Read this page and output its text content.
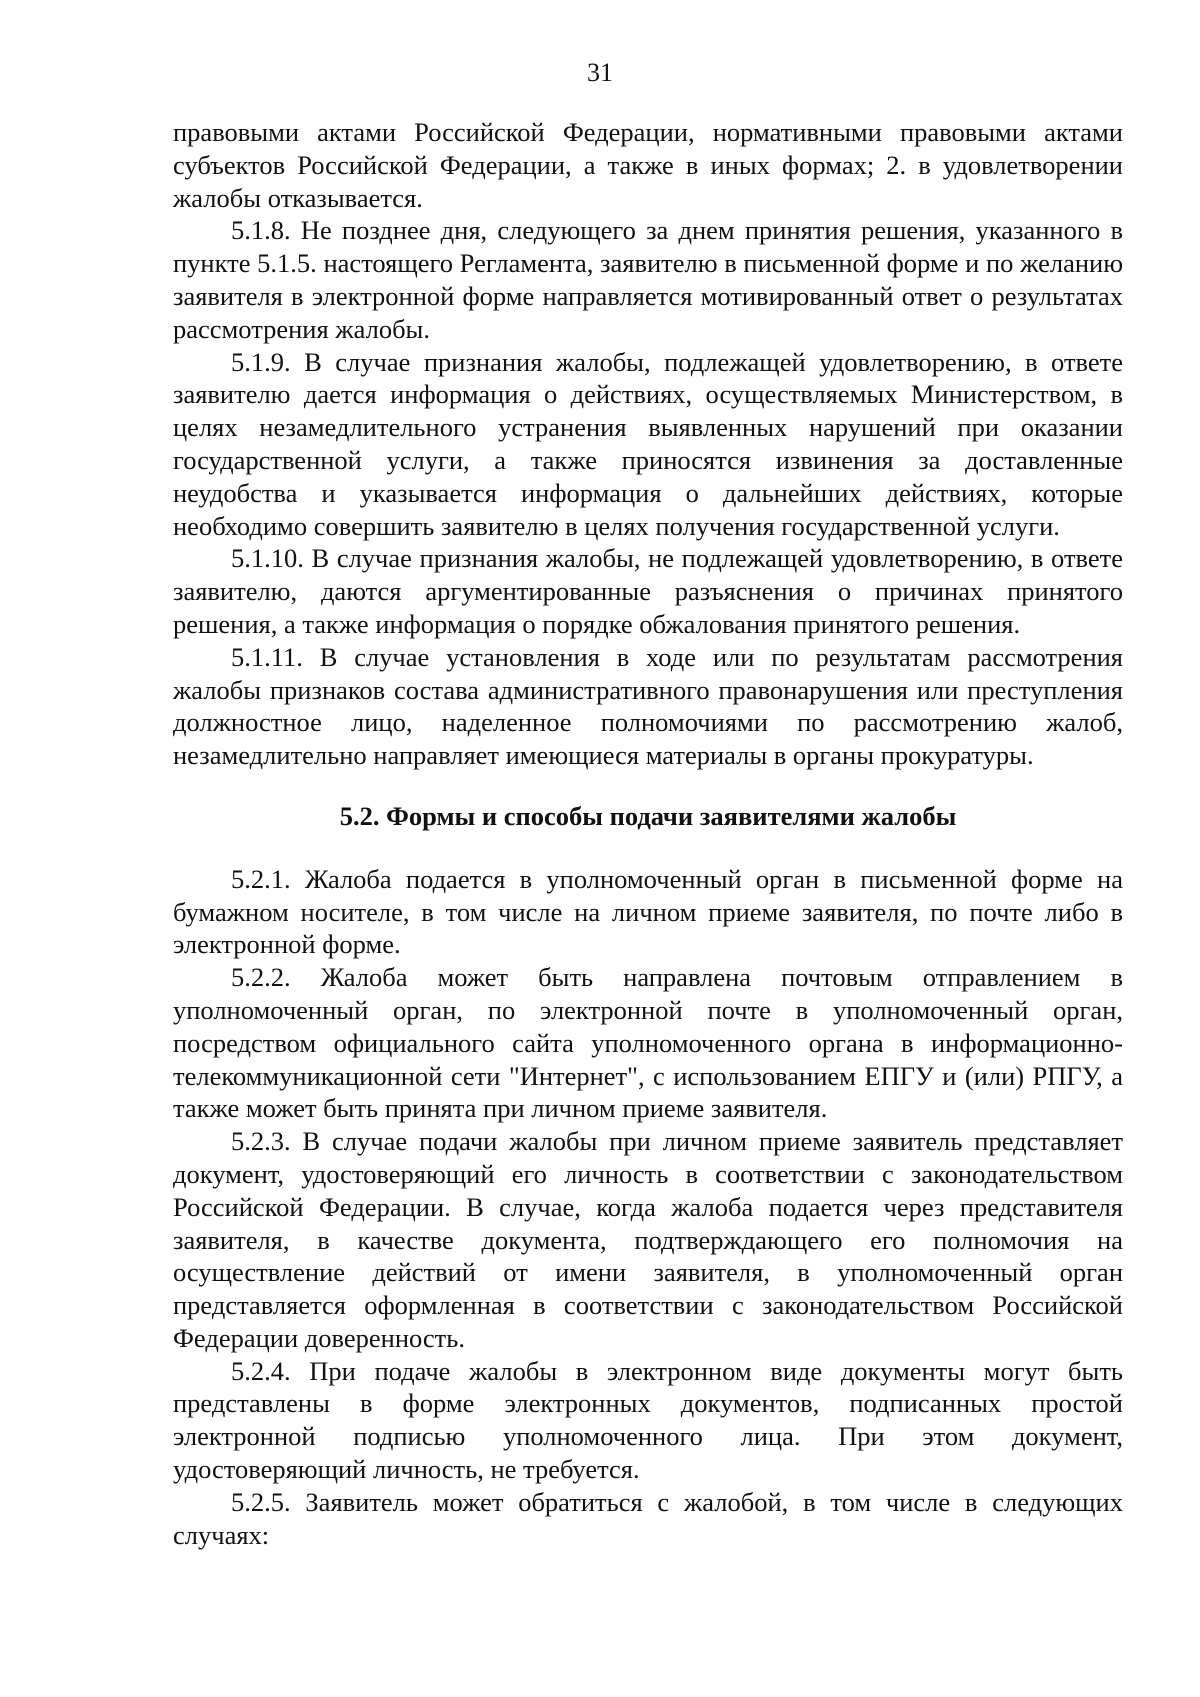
31

правовыми актами Российской Федерации, нормативными правовыми актами субъектов Российской Федерации, а также в иных формах; 2. в удовлетворении жалобы отказывается.

5.1.8. Не позднее дня, следующего за днем принятия решения, указанного в пункте 5.1.5. настоящего Регламента, заявителю в письменной форме и по желанию заявителя в электронной форме направляется мотивированный ответ о результатах рассмотрения жалобы.

5.1.9. В случае признания жалобы, подлежащей удовлетворению, в ответе заявителю дается информация о действиях, осуществляемых Министерством, в целях незамедлительного устранения выявленных нарушений при оказании государственной услуги, а также приносятся извинения за доставленные неудобства и указывается информация о дальнейших действиях, которые необходимо совершить заявителю в целях получения государственной услуги.

5.1.10. В случае признания жалобы, не подлежащей удовлетворению, в ответе заявителю, даются аргументированные разъяснения о причинах принятого решения, а также информация о порядке обжалования принятого решения.

5.1.11. В случае установления в ходе или по результатам рассмотрения жалобы признаков состава административного правонарушения или преступления должностное лицо, наделенное полномочиями по рассмотрению жалоб, незамедлительно направляет имеющиеся материалы в органы прокуратуры.

5.2. Формы и способы подачи заявителями жалобы

5.2.1. Жалоба подается в уполномоченный орган в письменной форме на бумажном носителе, в том числе на личном приеме заявителя, по почте либо в электронной форме.

5.2.2. Жалоба может быть направлена почтовым отправлением в уполномоченный орган, по электронной почте в уполномоченный орган, посредством официального сайта уполномоченного органа в информационно-телекоммуникационной сети "Интернет", с использованием ЕПГУ и (или) РПГУ, а также может быть принята при личном приеме заявителя.

5.2.3. В случае подачи жалобы при личном приеме заявитель представляет документ, удостоверяющий его личность в соответствии с законодательством Российской Федерации. В случае, когда жалоба подается через представителя заявителя, в качестве документа, подтверждающего его полномочия на осуществление действий от имени заявителя, в уполномоченный орган представляется оформленная в соответствии с законодательством Российской Федерации доверенность.

5.2.4. При подаче жалобы в электронном виде документы могут быть представлены в форме электронных документов, подписанных простой электронной подписью уполномоченного лица. При этом документ, удостоверяющий личность, не требуется.

5.2.5. Заявитель может обратиться с жалобой, в том числе в следующих случаях:
